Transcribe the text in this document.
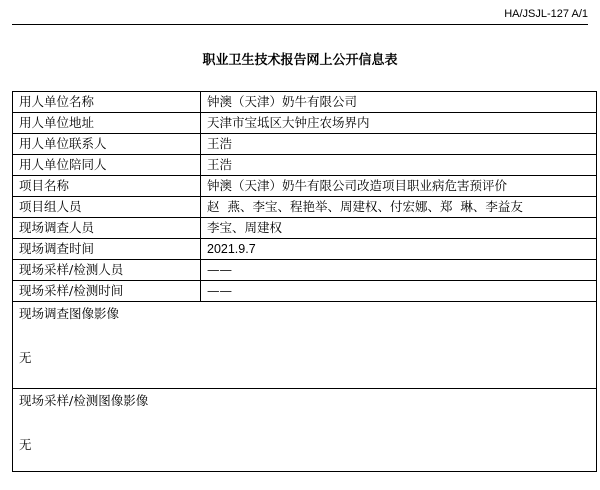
HA/JSJL-127 A/1
职业卫生技术报告网上公开信息表
用人单位名称	钟澳（天津）奶牛有限公司
用人单位地址	天津市宝坻区大钟庄农场界内
用人单位联系人	王浩
用人单位陪同人	王浩
项目名称	钟澳（天津）奶牛有限公司改造项目职业病危害预评价
项目组人员	赵  燕、李宝、程艳举、周建权、付宏娜、郑  琳、李益友
现场调查人员	李宝、周建权
现场调查时间	2021.9.7
现场采样/检测人员	——
现场采样/检测时间	——
现场调查图像影像
无	

现场采样/检测图像影像
无	
